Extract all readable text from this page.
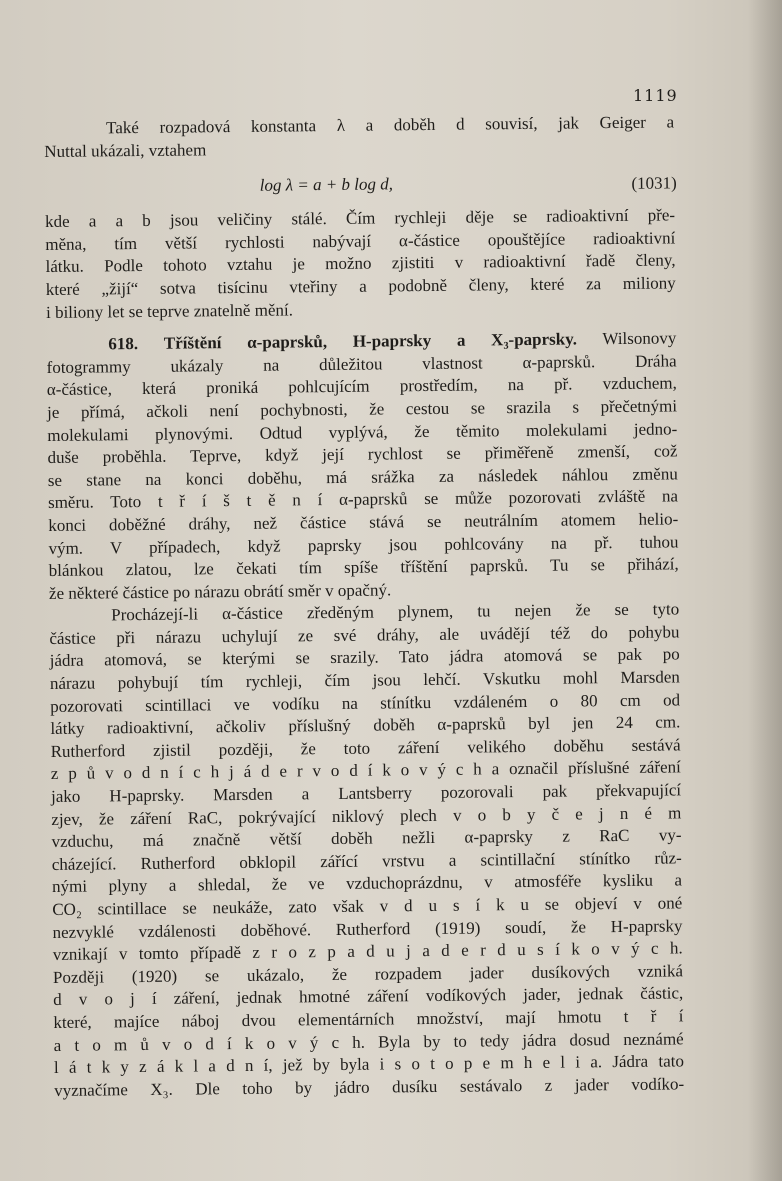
1119
Také rozpadová konstanta λ a doběh d souvisí, jak Geiger a
Nuttal ukázali, vztahem
log λ = a + b log d,	(1031)
kde a a b jsou veličiny stálé. Čím rychleji děje se radioaktivní pře-
měna, tím větší rychlosti nabývají α-částice opouštějíce radioaktivní
látku. Podle tohoto vztahu je možno zjistiti v radioaktivní řadě členy,
které „žijí“ sotva tisícinu vteřiny a podobně členy, které za miliony
i biliony let se teprve znatelně mění.
618. Tříštění α-paprsků, H-paprsky a X₃-paprsky. Wilsonovy
fotogrammy ukázaly na důležitou vlastnost α-paprsků. Dráha
α-částice, která proniká pohlcujícím prostředím, na př. vzduchem,
je přímá, ačkoli není pochybnosti, že cestou se srazila s přečetnými
molekulami plynovými. Odtud vyplývá, že těmito molekulami jedno-
duše proběhla. Teprve, když její rychlost se přiměřeně zmenší, což
se stane na konci doběhu, má srážka za následek náhlou změnu
směru. Toto t ř í š t ě n í α-paprsků se může pozorovati zvláště na
konci doběžné dráhy, než částice stává se neutrálním atomem helio-
vým. V případech, když paprsky jsou pohlcovány na př. tuhou
blánkou zlatou, lze čekati tím spíše tříštění paprsků. Tu se přihází,
že některé částice po nárazu obrátí směr v opačný.
Procházejí-li α-částice zředěným plynem, tu nejen že se tyto
částice při nárazu uchylují ze své dráhy, ale uvádějí též do pohybu
jádra atomová, se kterými se srazily. Tato jádra atomová se pak po
nárazu pohybují tím rychleji, čím jsou lehčí. Vskutku mohl Marsden
pozorovati scintillaci ve vodíku na stínítku vzdáleném o 80 cm od
látky radioaktivní, ačkoliv příslušný doběh α-paprsků byl jen 24 cm.
Rutherford zjistil později, že toto záření velikého doběhu sestává
z p ů v o d n í c h j á d e r v o d í k o v ý c h a označil příslušné záření
jako H-paprsky. Marsden a Lantsberry pozorovali pak překvapující
zjev, že záření RaC, pokrývající niklový plech v o b y č e j n é m
vzduchu, má značně větší doběh nežli α-paprsky z RaC vy-
cházející. Rutherford obklopil zářící vrstvu a scintillační stínítko růz-
nými plyny a shledal, že ve vzduchoprázdnu, v atmosféře kysliku a
CO₂ scintillace se neukáže, zato však v d u s í k u se objeví v oné
nezvyklé vzdálenosti doběhové. Rutherford (1919) soudí, že H-paprsky
vznikají v tomto případě z r o z p a d u j a d e r d u s í k o v ý c h.
Později (1920) se ukázalo, že rozpadem jader dusíkových vzniká
d v o j í záření, jednak hmotné záření vodíkových jader, jednak částic,
které, majíce náboj dvou elementárních množství, mají hmotu t ř í
a t o m ů v o d í k o v ý c h. Byla by to tedy jádra dosud neznámé
l á t k y z á k l a d n í, jež by byla i s o t o p e m h e l i a. Jádra tato
vyznačíme X₃. Dle toho by jádro dusíku sestávalo z jader vodíko-
